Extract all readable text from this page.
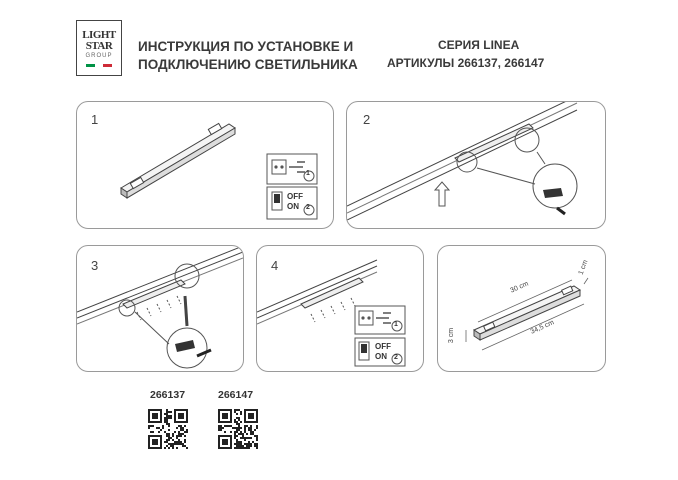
LIGHT
STAR
GROUP
ИНСТРУКЦИЯ ПО УСТАНОВКЕ И
ПОДКЛЮЧЕНИЮ СВЕТИЛЬНИКА
СЕРИЯ LINEA
АРТИКУЛЫ 266137, 266147
1
1
OFF
ON 2
2
3	4
1
OFF
ON 2
30 cm
34,5 cm
3 cm
1 cm
266137	266147
